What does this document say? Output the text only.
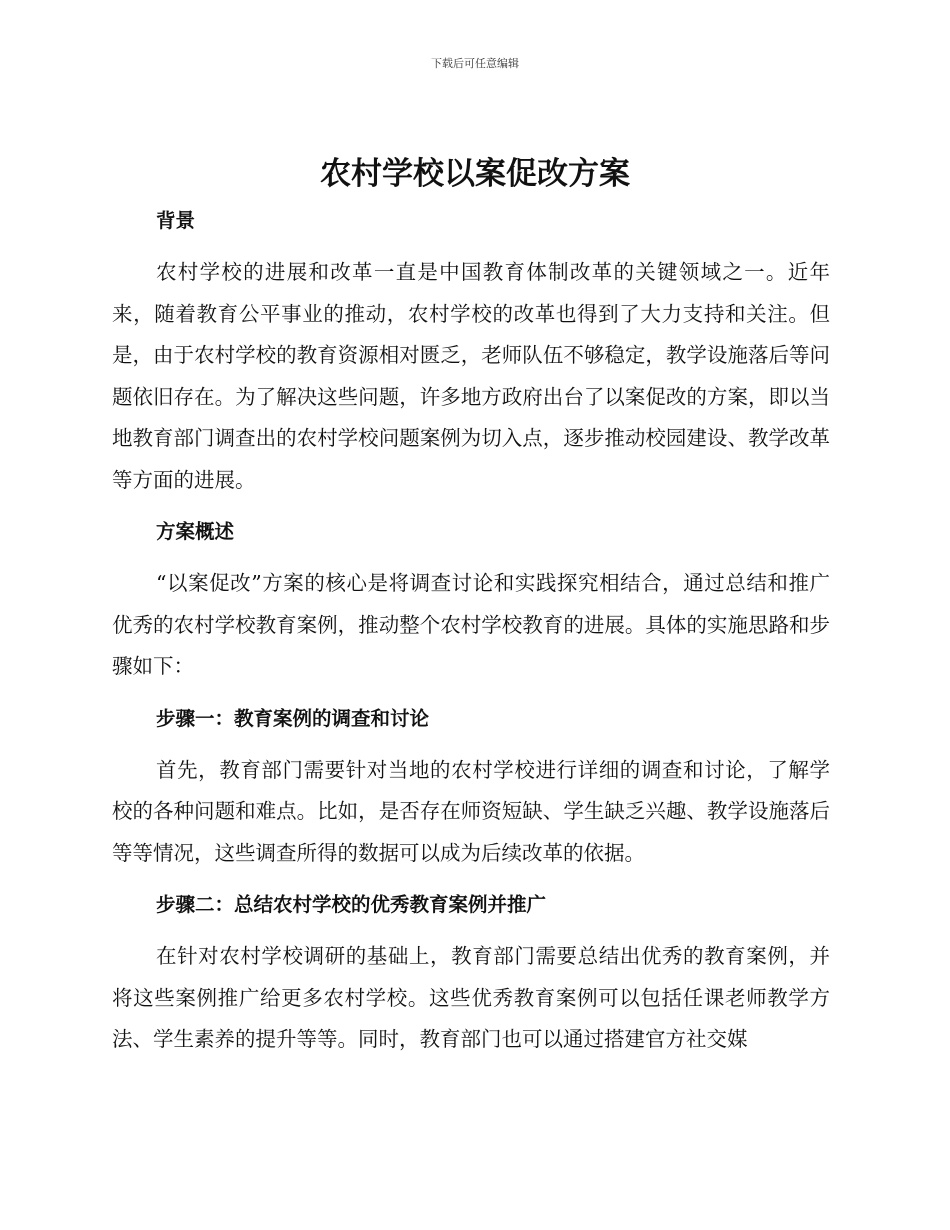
下载后可任意编辑
农村学校以案促改方案

背景

农村学校的进展和改革一直是中国教育体制改革的关键领域之一。近年来，随着教育公平事业的推动，农村学校的改革也得到了大力支持和关注。但是，由于农村学校的教育资源相对匮乏，老师队伍不够稳定，教学设施落后等问题依旧存在。为了解决这些问题，许多地方政府出台了以案促改的方案，即以当地教育部门调查出的农村学校问题案例为切入点，逐步推动校园建设、教学改革等方面的进展。

方案概述

“以案促改”方案的核心是将调查讨论和实践探究相结合，通过总结和推广优秀的农村学校教育案例，推动整个农村学校教育的进展。具体的实施思路和步骤如下：

步骤一：教育案例的调查和讨论

首先，教育部门需要针对当地的农村学校进行详细的调查和讨论，了解学校的各种问题和难点。比如，是否存在师资短缺、学生缺乏兴趣、教学设施落后等等情况，这些调查所得的数据可以成为后续改革的依据。

步骤二：总结农村学校的优秀教育案例并推广

在针对农村学校调研的基础上，教育部门需要总结出优秀的教育案例，并将这些案例推广给更多农村学校。这些优秀教育案例可以包括任课老师教学方法、学生素养的提升等等。同时，教育部门也可以通过搭建官方社交媒
